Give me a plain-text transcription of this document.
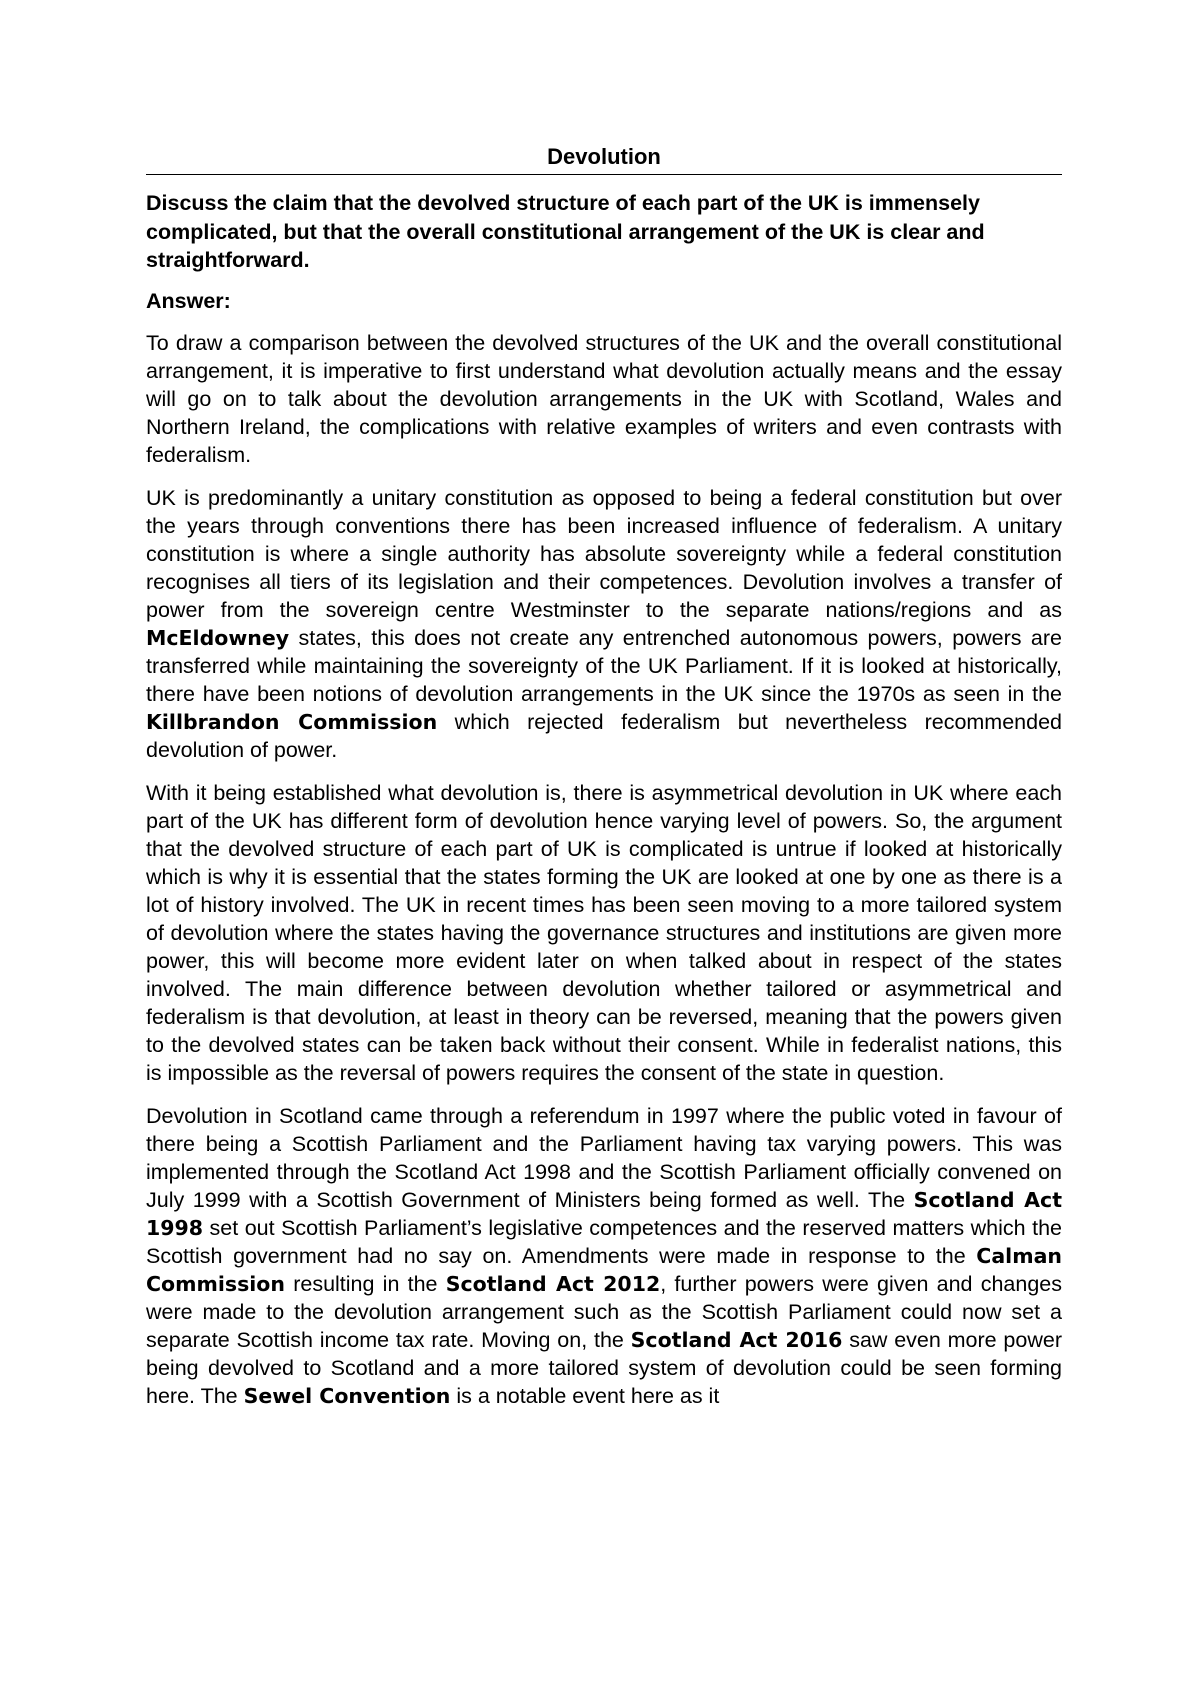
Devolution

Discuss the claim that the devolved structure of each part of the UK is immensely complicated, but that the overall constitutional arrangement of the UK is clear and straightforward.

Answer:

To draw a comparison between the devolved structures of the UK and the overall constitutional arrangement, it is imperative to first understand what devolution actually means and the essay will go on to talk about the devolution arrangements in the UK with Scotland, Wales and Northern Ireland, the complications with relative examples of writers and even contrasts with federalism.

UK is predominantly a unitary constitution as opposed to being a federal constitution but over the years through conventions there has been increased influence of federalism. A unitary constitution is where a single authority has absolute sovereignty while a federal constitution recognises all tiers of its legislation and their competences. Devolution involves a transfer of power from the sovereign centre Westminster to the separate nations/regions and as McEldowney states, this does not create any entrenched autonomous powers, powers are transferred while maintaining the sovereignty of the UK Parliament. If it is looked at historically, there have been notions of devolution arrangements in the UK since the 1970s as seen in the Killbrandon Commission which rejected federalism but nevertheless recommended devolution of power.

With it being established what devolution is, there is asymmetrical devolution in UK where each part of the UK has different form of devolution hence varying level of powers. So, the argument that the devolved structure of each part of UK is complicated is untrue if looked at historically which is why it is essential that the states forming the UK are looked at one by one as there is a lot of history involved. The UK in recent times has been seen moving to a more tailored system of devolution where the states having the governance structures and institutions are given more power, this will become more evident later on when talked about in respect of the states involved. The main difference between devolution whether tailored or asymmetrical and federalism is that devolution, at least in theory can be reversed, meaning that the powers given to the devolved states can be taken back without their consent. While in federalist nations, this is impossible as the reversal of powers requires the consent of the state in question.

Devolution in Scotland came through a referendum in 1997 where the public voted in favour of there being a Scottish Parliament and the Parliament having tax varying powers. This was implemented through the Scotland Act 1998 and the Scottish Parliament officially convened on July 1999 with a Scottish Government of Ministers being formed as well. The Scotland Act 1998 set out Scottish Parliament’s legislative competences and the reserved matters which the Scottish government had no say on. Amendments were made in response to the Calman Commission resulting in the Scotland Act 2012, further powers were given and changes were made to the devolution arrangement such as the Scottish Parliament could now set a separate Scottish income tax rate. Moving on, the Scotland Act 2016 saw even more power being devolved to Scotland and a more tailored system of devolution could be seen forming here. The Sewel Convention is a notable event here as it
